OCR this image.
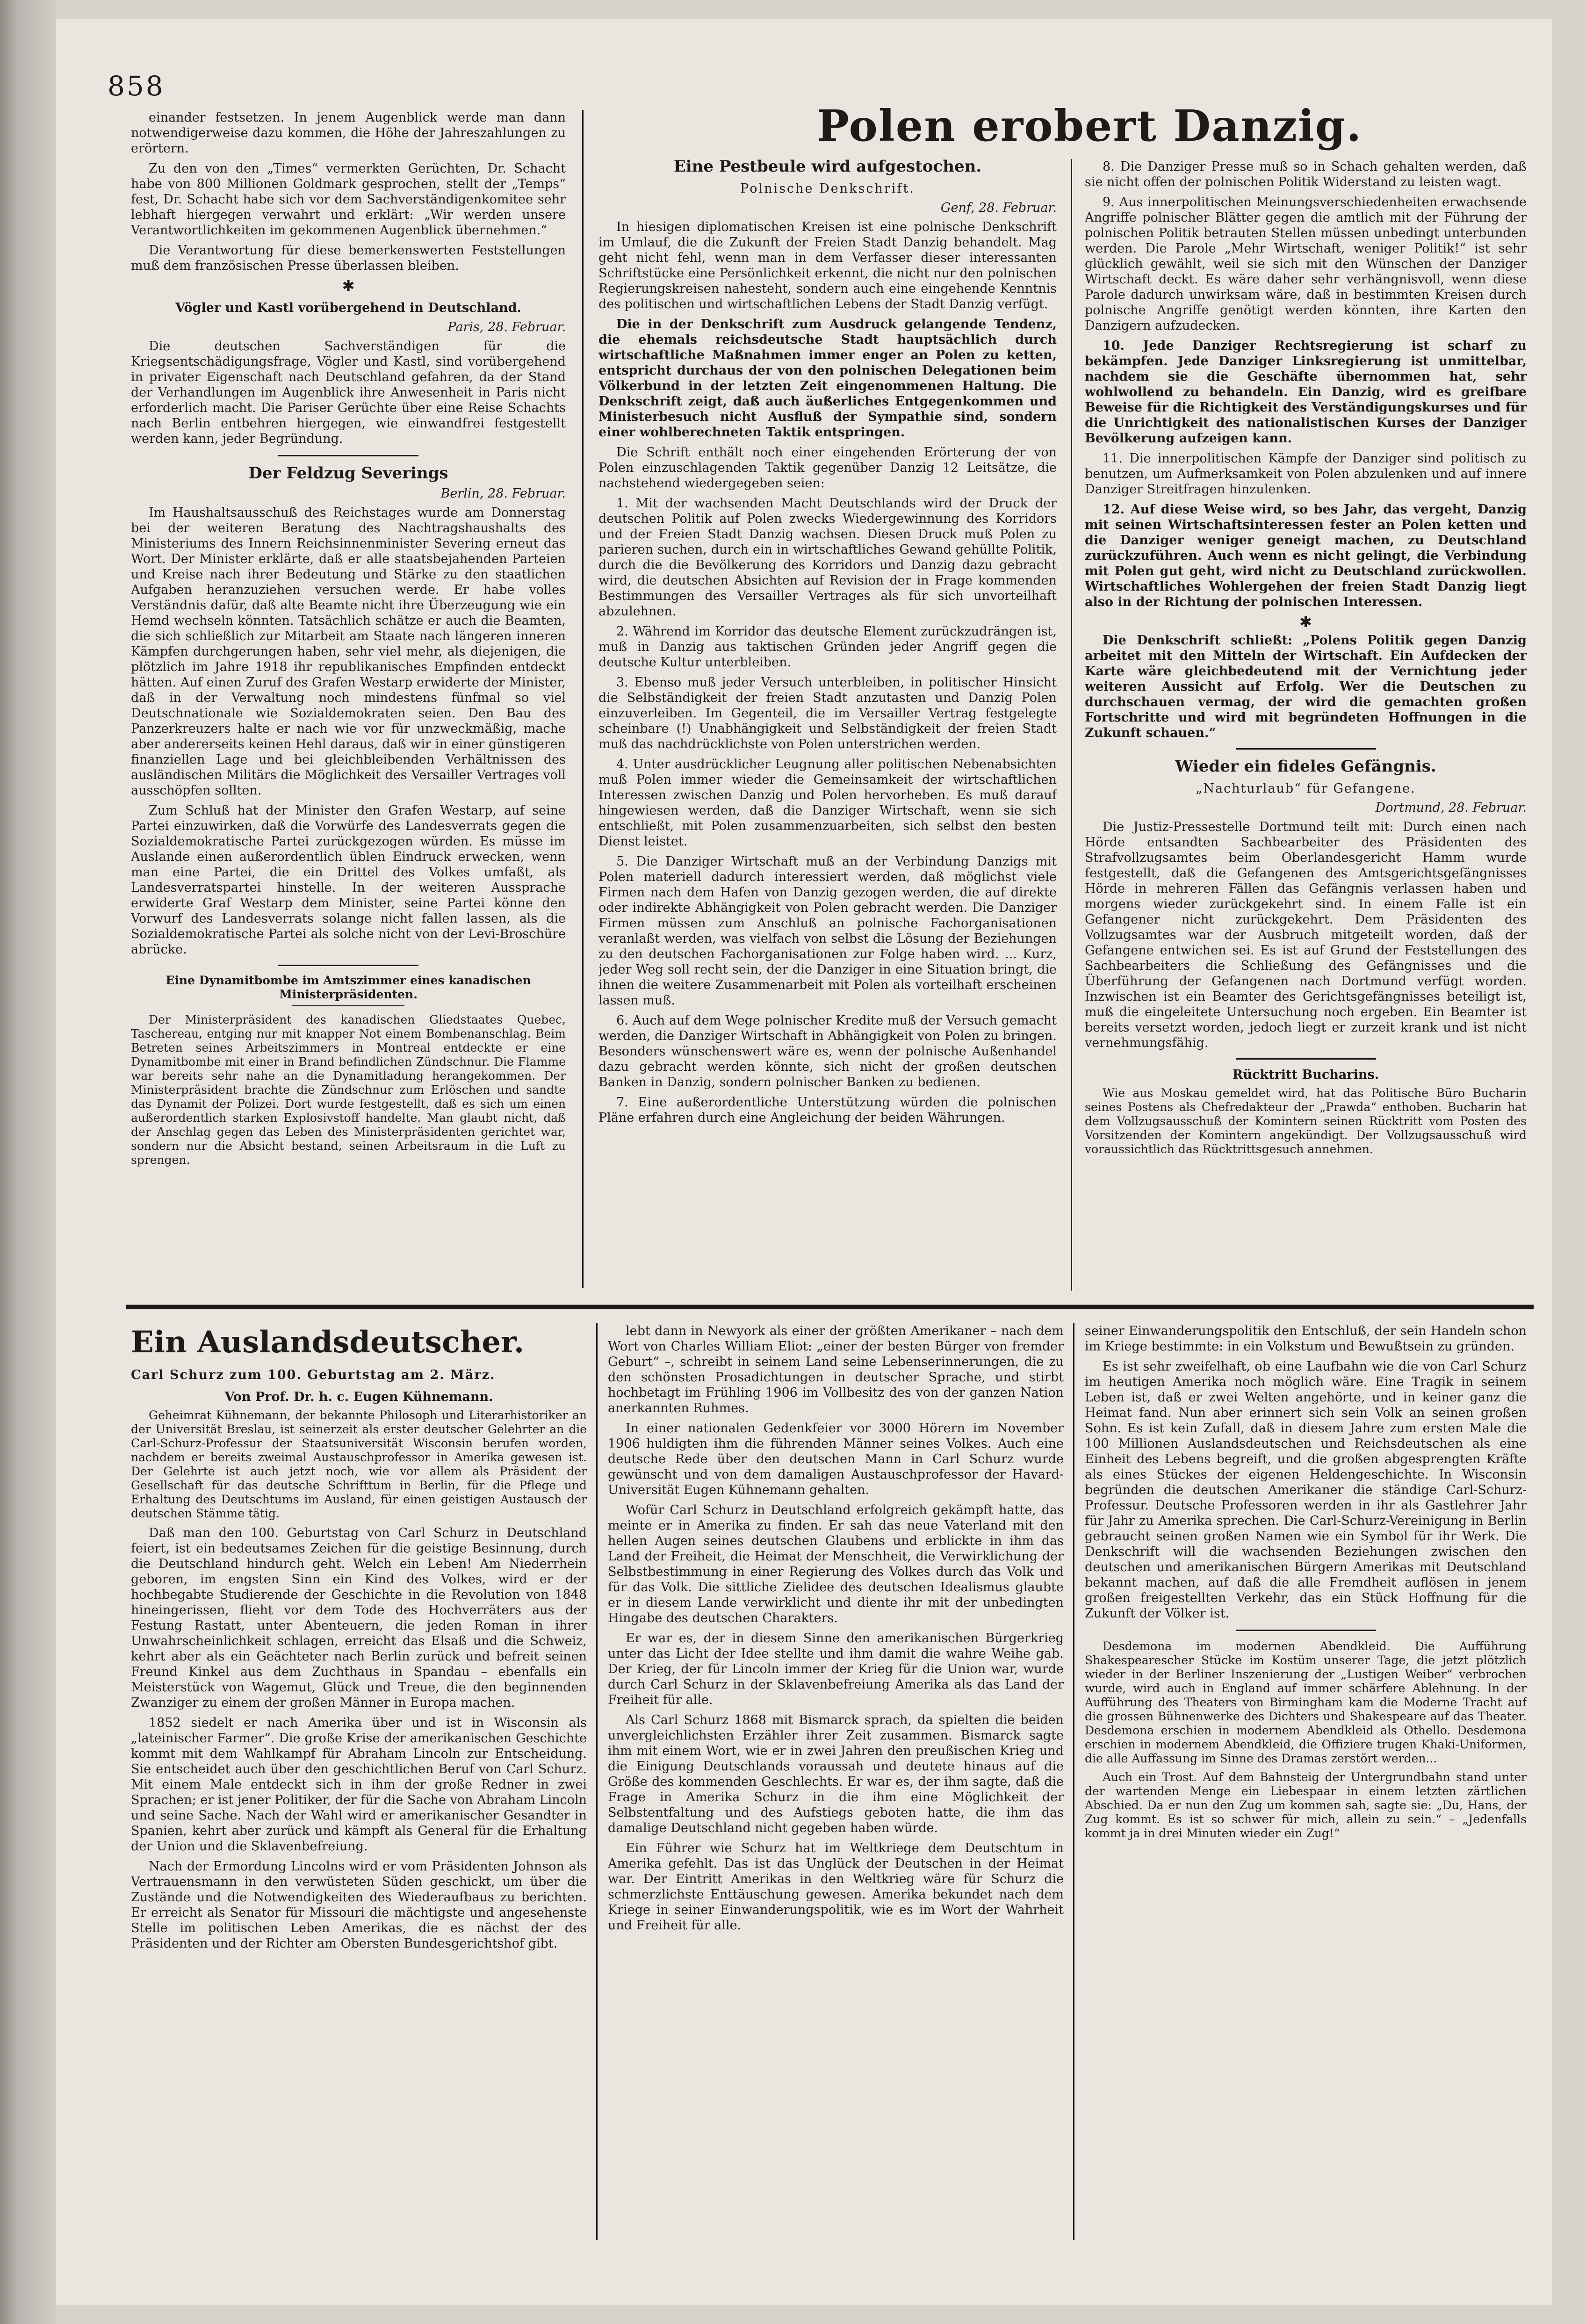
858
Polen erobert Danzig.

einander festsetzen. In jenem Augenblick werde man dann notwendigerweise dazu kommen, die Höhe der Jahreszahlungen zu erörtern.

Zu den von den „Times“ vermerkten Gerüchten, Dr. Schacht habe von 800 Millionen Goldmark gesprochen, stellt der „Temps“ fest, Dr. Schacht habe sich vor dem Sachverständigenkomitee sehr lebhaft hiergegen verwahrt und erklärt: „Wir werden unsere Verantwortlichkeiten im gekommenen Augenblick übernehmen.“

Die Verantwortung für diese bemerkenswerten Feststellungen muß dem französischen Presse überlassen bleiben.

✱
Vögler und Kastl vorübergehend in Deutschland.
Paris, 28. Februar.

Die deutschen Sachverständigen für die Kriegsentschädigungsfrage, Vögler und Kastl, sind vorübergehend in privater Eigenschaft nach Deutschland gefahren, da der Stand der Verhandlungen im Augenblick ihre Anwesenheit in Paris nicht erforderlich macht. Die Pariser Gerüchte über eine Reise Schachts nach Berlin entbehren hiergegen, wie einwandfrei festgestellt werden kann, jeder Begründung.

Der Feldzug Severings
Berlin, 28. Februar.

Im Haushaltsausschuß des Reichstages wurde am Donnerstag bei der weiteren Beratung des Nachtragshaushalts des Ministeriums des Innern Reichsinnenminister Severing erneut das Wort. Der Minister erklärte, daß er alle staatsbejahenden Parteien und Kreise nach ihrer Bedeutung und Stärke zu den staatlichen Aufgaben heranzuziehen versuchen werde. Er habe volles Verständnis dafür, daß alte Beamte nicht ihre Überzeugung wie ein Hemd wechseln könnten. Tatsächlich schätze er auch die Beamten, die sich schließlich zur Mitarbeit am Staate nach längeren inneren Kämpfen durchgerungen haben, sehr viel mehr, als diejenigen, die plötzlich im Jahre 1918 ihr republikanisches Empfinden entdeckt hätten. Auf einen Zuruf des Grafen Westarp erwiderte der Minister, daß in der Verwaltung noch mindestens fünfmal so viel Deutschnationale wie Sozialdemokraten seien. Den Bau des Panzerkreuzers halte er nach wie vor für unzweckmäßig, mache aber andererseits keinen Hehl daraus, daß wir in einer günstigeren finanziellen Lage und bei gleichbleibenden Verhältnissen des ausländischen Militärs die Möglichkeit des Versailler Vertrages voll ausschöpfen sollten.

Zum Schluß hat der Minister den Grafen Westarp, auf seine Partei einzuwirken, daß die Vorwürfe des Landesverrats gegen die Sozialdemokratische Partei zurückgezogen würden. Es müsse im Auslande einen außerordentlich üblen Eindruck erwecken, wenn man eine Partei, die ein Drittel des Volkes umfaßt, als Landesverratspartei hinstelle. In der weiteren Aussprache erwiderte Graf Westarp dem Minister, seine Partei könne den Vorwurf des Landesverrats solange nicht fallen lassen, als die Sozialdemokratische Partei als solche nicht von der Levi-Broschüre abrücke.

Eine Dynamitbombe im Amtszimmer eines kanadischen Ministerpräsidenten.

Der Ministerpräsident des kanadischen Gliedstaates Quebec, Taschereau, entging nur mit knapper Not einem Bombenanschlag. Beim Betreten seines Arbeitszimmers in Montreal entdeckte er eine Dynamitbombe mit einer in Brand befindlichen Zündschnur. Die Flamme war bereits sehr nahe an die Dynamitladung herangekommen. Der Ministerpräsident brachte die Zündschnur zum Erlöschen und sandte das Dynamit der Polizei. Dort wurde festgestellt, daß es sich um einen außerordentlich starken Explosivstoff handelte. Man glaubt nicht, daß der Anschlag gegen das Leben des Ministerpräsidenten gerichtet war, sondern nur die Absicht bestand, seinen Arbeitsraum in die Luft zu sprengen.

Eine Pestbeule wird aufgestochen.
Polnische Denkschrift.
Genf, 28. Februar.

In hiesigen diplomatischen Kreisen ist eine polnische Denkschrift im Umlauf, die die Zukunft der Freien Stadt Danzig behandelt. Mag geht nicht fehl, wenn man in dem Verfasser dieser interessanten Schriftstücke eine Persönlichkeit erkennt, die nicht nur den polnischen Regierungskreisen nahesteht, sondern auch eine eingehende Kenntnis des politischen und wirtschaftlichen Lebens der Stadt Danzig verfügt.

Die in der Denkschrift zum Ausdruck gelangende Tendenz, die ehemals reichsdeutsche Stadt hauptsächlich durch wirtschaftliche Maßnahmen immer enger an Polen zu ketten, entspricht durchaus der von den polnischen Delegationen beim Völkerbund in der letzten Zeit eingenommenen Haltung. Die Denkschrift zeigt, daß auch äußerliches Entgegenkommen und Ministerbesuch nicht Ausfluß der Sympathie sind, sondern einer wohlberechneten Taktik entspringen.

Die Schrift enthält noch einer eingehenden Erörterung der von Polen einzuschlagenden Taktik gegenüber Danzig 12 Leitsätze, die nachstehend wiedergegeben seien:

1. Mit der wachsenden Macht Deutschlands wird der Druck der deutschen Politik auf Polen zwecks Wiedergewinnung des Korridors und der Freien Stadt Danzig wachsen. Diesen Druck muß Polen zu parieren suchen, durch ein in wirtschaftliches Gewand gehüllte Politik, durch die die Bevölkerung des Korridors und Danzig dazu gebracht wird, die deutschen Absichten auf Revision der in Frage kommenden Bestimmungen des Versailler Vertrages als für sich unvorteilhaft abzulehnen.

2. Während im Korridor das deutsche Element zurückzudrängen ist, muß in Danzig aus taktischen Gründen jeder Angriff gegen die deutsche Kultur unterbleiben.

3. Ebenso muß jeder Versuch unterbleiben, in politischer Hinsicht die Selbständigkeit der freien Stadt anzutasten und Danzig Polen einzuverleiben. Im Gegenteil, die im Versailler Vertrag festgelegte scheinbare (!) Unabhängigkeit und Selbständigkeit der freien Stadt muß das nachdrücklichste von Polen unterstrichen werden.

4. Unter ausdrücklicher Leugnung aller politischen Nebenabsichten muß Polen immer wieder die Gemeinsamkeit der wirtschaftlichen Interessen zwischen Danzig und Polen hervorheben. Es muß darauf hingewiesen werden, daß die Danziger Wirtschaft, wenn sie sich entschließt, mit Polen zusammenzuarbeiten, sich selbst den besten Dienst leistet.

5. Die Danziger Wirtschaft muß an der Verbindung Danzigs mit Polen materiell dadurch interessiert werden, daß möglichst viele Firmen nach dem Hafen von Danzig gezogen werden, die auf direkte oder indirekte Abhängigkeit von Polen gebracht werden. Die Danziger Firmen müssen zum Anschluß an polnische Fachorganisationen veranlaßt werden, was vielfach von selbst die Lösung der Beziehungen zu den deutschen Fachorganisationen zur Folge haben wird. ... Kurz, jeder Weg soll recht sein, der die Danziger in eine Situation bringt, die ihnen die weitere Zusammenarbeit mit Polen als vorteilhaft erscheinen lassen muß.

6. Auch auf dem Wege polnischer Kredite muß der Versuch gemacht werden, die Danziger Wirtschaft in Abhängigkeit von Polen zu bringen. Besonders wünschenswert wäre es, wenn der polnische Außenhandel dazu gebracht werden könnte, sich nicht der großen deutschen Banken in Danzig, sondern polnischer Banken zu bedienen.

7. Eine außerordentliche Unterstützung würden die polnischen Pläne erfahren durch eine Angleichung der beiden Währungen.

8. Die Danziger Presse muß so in Schach gehalten werden, daß sie nicht offen der polnischen Politik Widerstand zu leisten wagt.

9. Aus innerpolitischen Meinungsverschiedenheiten erwachsende Angriffe polnischer Blätter gegen die amtlich mit der Führung der polnischen Politik betrauten Stellen müssen unbedingt unterbunden werden. Die Parole „Mehr Wirtschaft, weniger Politik!“ ist sehr glücklich gewählt, weil sie sich mit den Wünschen der Danziger Wirtschaft deckt. Es wäre daher sehr verhängnisvoll, wenn diese Parole dadurch unwirksam wäre, daß in bestimmten Kreisen durch polnische Angriffe genötigt werden könnten, ihre Karten den Danzigern aufzudecken.

10. Jede Danziger Rechtsregierung ist scharf zu bekämpfen. Jede Danziger Linksregierung ist unmittelbar, nachdem sie die Geschäfte übernommen hat, sehr wohlwollend zu behandeln. Ein Danzig, wird es greifbare Beweise für die Richtigkeit des Verständigungskurses und für die Unrichtigkeit des nationalistischen Kurses der Danziger Bevölkerung aufzeigen kann.

11. Die innerpolitischen Kämpfe der Danziger sind politisch zu benutzen, um Aufmerksamkeit von Polen abzulenken und auf innere Danziger Streitfragen hinzulenken.

12. Auf diese Weise wird, so bes Jahr, das vergeht, Danzig mit seinen Wirtschaftsinteressen fester an Polen ketten und die Danziger weniger geneigt machen, zu Deutschland zurückzuführen. Auch wenn es nicht gelingt, die Verbindung mit Polen gut geht, wird nicht zu Deutschland zurückwollen. Wirtschaftliches Wohlergehen der freien Stadt Danzig liegt also in der Richtung der polnischen Interessen.

✱

Die Denkschrift schließt: „Polens Politik gegen Danzig arbeitet mit den Mitteln der Wirtschaft. Ein Aufdecken der Karte wäre gleichbedeutend mit der Vernichtung jeder weiteren Aussicht auf Erfolg. Wer die Deutschen zu durchschauen vermag, der wird die gemachten großen Fortschritte und wird mit begründeten Hoffnungen in die Zukunft schauen.“

Wieder ein fideles Gefängnis.
„Nachturlaub“ für Gefangene.
Dortmund, 28. Februar.

Die Justiz-Pressestelle Dortmund teilt mit: Durch einen nach Hörde entsandten Sachbearbeiter des Präsidenten des Strafvollzugsamtes beim Oberlandesgericht Hamm wurde festgestellt, daß die Gefangenen des Amtsgerichtsgefängnisses Hörde in mehreren Fällen das Gefängnis verlassen haben und morgens wieder zurückgekehrt sind. In einem Falle ist ein Gefangener nicht zurückgekehrt. Dem Präsidenten des Vollzugsamtes war der Ausbruch mitgeteilt worden, daß der Gefangene entwichen sei. Es ist auf Grund der Feststellungen des Sachbearbeiters die Schließung des Gefängnisses und die Überführung der Gefangenen nach Dortmund verfügt worden. Inzwischen ist ein Beamter des Gerichtsgefängnisses beteiligt ist, muß die eingeleitete Untersuchung noch ergeben. Ein Beamter ist bereits versetzt worden, jedoch liegt er zurzeit krank und ist nicht vernehmungsfähig.

Rücktritt Bucharins.

Wie aus Moskau gemeldet wird, hat das Politische Büro Bucharin seines Postens als Chefredakteur der „Prawda“ enthoben. Bucharin hat dem Vollzugsausschuß der Komintern seinen Rücktritt vom Posten des Vorsitzenden der Komintern angekündigt. Der Vollzugsausschuß wird voraussichtlich das Rücktrittsgesuch annehmen.

Ein Auslandsdeutscher.
Carl Schurz zum 100. Geburtstag am 2. März.
Von Prof. Dr. h. c. Eugen Kühnemann.

Geheimrat Kühnemann, der bekannte Philosoph und Literarhistoriker an der Universität Breslau, ist seinerzeit als erster deutscher Gelehrter an die Carl-Schurz-Professur der Staatsuniversität Wisconsin berufen worden, nachdem er bereits zweimal Austauschprofessor in Amerika gewesen ist. Der Gelehrte ist auch jetzt noch, wie vor allem als Präsident der Gesellschaft für das deutsche Schrifttum in Berlin, für die Pflege und Erhaltung des Deutschtums im Ausland, für einen geistigen Austausch der deutschen Stämme tätig.

Daß man den 100. Geburtstag von Carl Schurz in Deutschland feiert, ist ein bedeutsames Zeichen für die geistige Besinnung, durch die Deutschland hindurch geht. Welch ein Leben! Am Niederrhein geboren, im engsten Sinn ein Kind des Volkes, wird er der hochbegabte Studierende der Geschichte in die Revolution von 1848 hineingerissen, flieht vor dem Tode des Hochverräters aus der Festung Rastatt, unter Abenteuern, die jeden Roman in ihrer Unwahrscheinlichkeit schlagen, erreicht das Elsaß und die Schweiz, kehrt aber als ein Geächteter nach Berlin zurück und befreit seinen Freund Kinkel aus dem Zuchthaus in Spandau – ebenfalls ein Meisterstück von Wagemut, Glück und Treue, die den beginnenden Zwanziger zu einem der großen Männer in Europa machen.

1852 siedelt er nach Amerika über und ist in Wisconsin als „lateinischer Farmer“. Die große Krise der amerikanischen Geschichte kommt mit dem Wahlkampf für Abraham Lincoln zur Entscheidung. Sie entscheidet auch über den geschichtlichen Beruf von Carl Schurz. Mit einem Male entdeckt sich in ihm der große Redner in zwei Sprachen; er ist jener Politiker, der für die Sache von Abraham Lincoln und seine Sache. Nach der Wahl wird er amerikanischer Gesandter in Spanien, kehrt aber zurück und kämpft als General für die Erhaltung der Union und die Sklavenbefreiung.

Nach der Ermordung Lincolns wird er vom Präsidenten Johnson als Vertrauensmann in den verwüsteten Süden geschickt, um über die Zustände und die Notwendigkeiten des Wiederaufbaus zu berichten. Er erreicht als Senator für Missouri die mächtigste und angesehenste Stelle im politischen Leben Amerikas, die es nächst der des Präsidenten und der Richter am Obersten Bundesgerichtshof gibt.

lebt dann in Newyork als einer der größten Amerikaner – nach dem Wort von Charles William Eliot: „einer der besten Bürger von fremder Geburt“ –, schreibt in seinem Land seine Lebenserinnerungen, die zu den schönsten Prosadichtungen in deutscher Sprache, und stirbt hochbetagt im Frühling 1906 im Vollbesitz des von der ganzen Nation anerkannten Ruhmes.

In einer nationalen Gedenkfeier vor 3000 Hörern im November 1906 huldigten ihm die führenden Männer seines Volkes. Auch eine deutsche Rede über den deutschen Mann in Carl Schurz wurde gewünscht und von dem damaligen Austauschprofessor der Havard-Universität Eugen Kühnemann gehalten.

Wofür Carl Schurz in Deutschland erfolgreich gekämpft hatte, das meinte er in Amerika zu finden. Er sah das neue Vaterland mit den hellen Augen seines deutschen Glaubens und erblickte in ihm das Land der Freiheit, die Heimat der Menschheit, die Verwirklichung der Selbstbestimmung in einer Regierung des Volkes durch das Volk und für das Volk. Die sittliche Zielidee des deutschen Idealismus glaubte er in diesem Lande verwirklicht und diente ihr mit der unbedingten Hingabe des deutschen Charakters.

Er war es, der in diesem Sinne den amerikanischen Bürgerkrieg unter das Licht der Idee stellte und ihm damit die wahre Weihe gab. Der Krieg, der für Lincoln immer der Krieg für die Union war, wurde durch Carl Schurz in der Sklavenbefreiung Amerika als das Land der Freiheit für alle.

Als Carl Schurz 1868 mit Bismarck sprach, da spielten die beiden unvergleichlichsten Erzähler ihrer Zeit zusammen. Bismarck sagte ihm mit einem Wort, wie er in zwei Jahren den preußischen Krieg und die Einigung Deutschlands voraussah und deutete hinaus auf die Größe des kommenden Geschlechts. Er war es, der ihm sagte, daß die Frage in Amerika Schurz in die ihm eine Möglichkeit der Selbstentfaltung und des Aufstiegs geboten hatte, die ihm das damalige Deutschland nicht gegeben haben würde.

Ein Führer wie Schurz hat im Weltkriege dem Deutschtum in Amerika gefehlt. Das ist das Unglück der Deutschen in der Heimat war. Der Eintritt Amerikas in den Weltkrieg wäre für Schurz die schmerzlichste Enttäuschung gewesen. Amerika bekundet nach dem Kriege in seiner Einwanderungspolitik, wie es im Wort der Wahrheit und Freiheit für alle.

seiner Einwanderungspolitik den Entschluß, der sein Handeln schon im Kriege bestimmte: in ein Volkstum und Bewußtsein zu gründen.

Es ist sehr zweifelhaft, ob eine Laufbahn wie die von Carl Schurz im heutigen Amerika noch möglich wäre. Eine Tragik in seinem Leben ist, daß er zwei Welten angehörte, und in keiner ganz die Heimat fand. Nun aber erinnert sich sein Volk an seinen großen Sohn. Es ist kein Zufall, daß in diesem Jahre zum ersten Male die 100 Millionen Auslandsdeutschen und Reichsdeutschen als eine Einheit des Lebens begreift, und die großen abgesprengten Kräfte als eines Stückes der eigenen Heldengeschichte. In Wisconsin begründen die deutschen Amerikaner die ständige Carl-Schurz-Professur. Deutsche Professoren werden in ihr als Gastlehrer Jahr für Jahr zu Amerika sprechen. Die Carl-Schurz-Vereinigung in Berlin gebraucht seinen großen Namen wie ein Symbol für ihr Werk. Die Denkschrift will die wachsenden Beziehungen zwischen den deutschen und amerikanischen Bürgern Amerikas mit Deutschland bekannt machen, auf daß die alle Fremdheit auflösen in jenem großen freigestellten Verkehr, das ein Stück Hoffnung für die Zukunft der Völker ist.

Desdemona im modernen Abendkleid. Die Aufführung Shakespearescher Stücke im Kostüm unserer Tage, die jetzt plötzlich wieder in der Berliner Inszenierung der „Lustigen Weiber“ verbrochen wurde, wird auch in England auf immer schärfere Ablehnung. In der Aufführung des Theaters von Birmingham kam die Moderne Tracht auf die grossen Bühnenwerke des Dichters und Shakespeare auf das Theater. Desdemona erschien in modernem Abendkleid als Othello. Desdemona erschien in modernem Abendkleid, die Offiziere trugen Khaki-Uniformen, die alle Auffassung im Sinne des Dramas zerstört werden...

Auch ein Trost. Auf dem Bahnsteig der Untergrundbahn stand unter der wartenden Menge ein Liebespaar in einem letzten zärtlichen Abschied. Da er nun den Zug um kommen sah, sagte sie: „Du, Hans, der Zug kommt. Es ist so schwer für mich, allein zu sein.“ – „Jedenfalls kommt ja in drei Minuten wieder ein Zug!“
